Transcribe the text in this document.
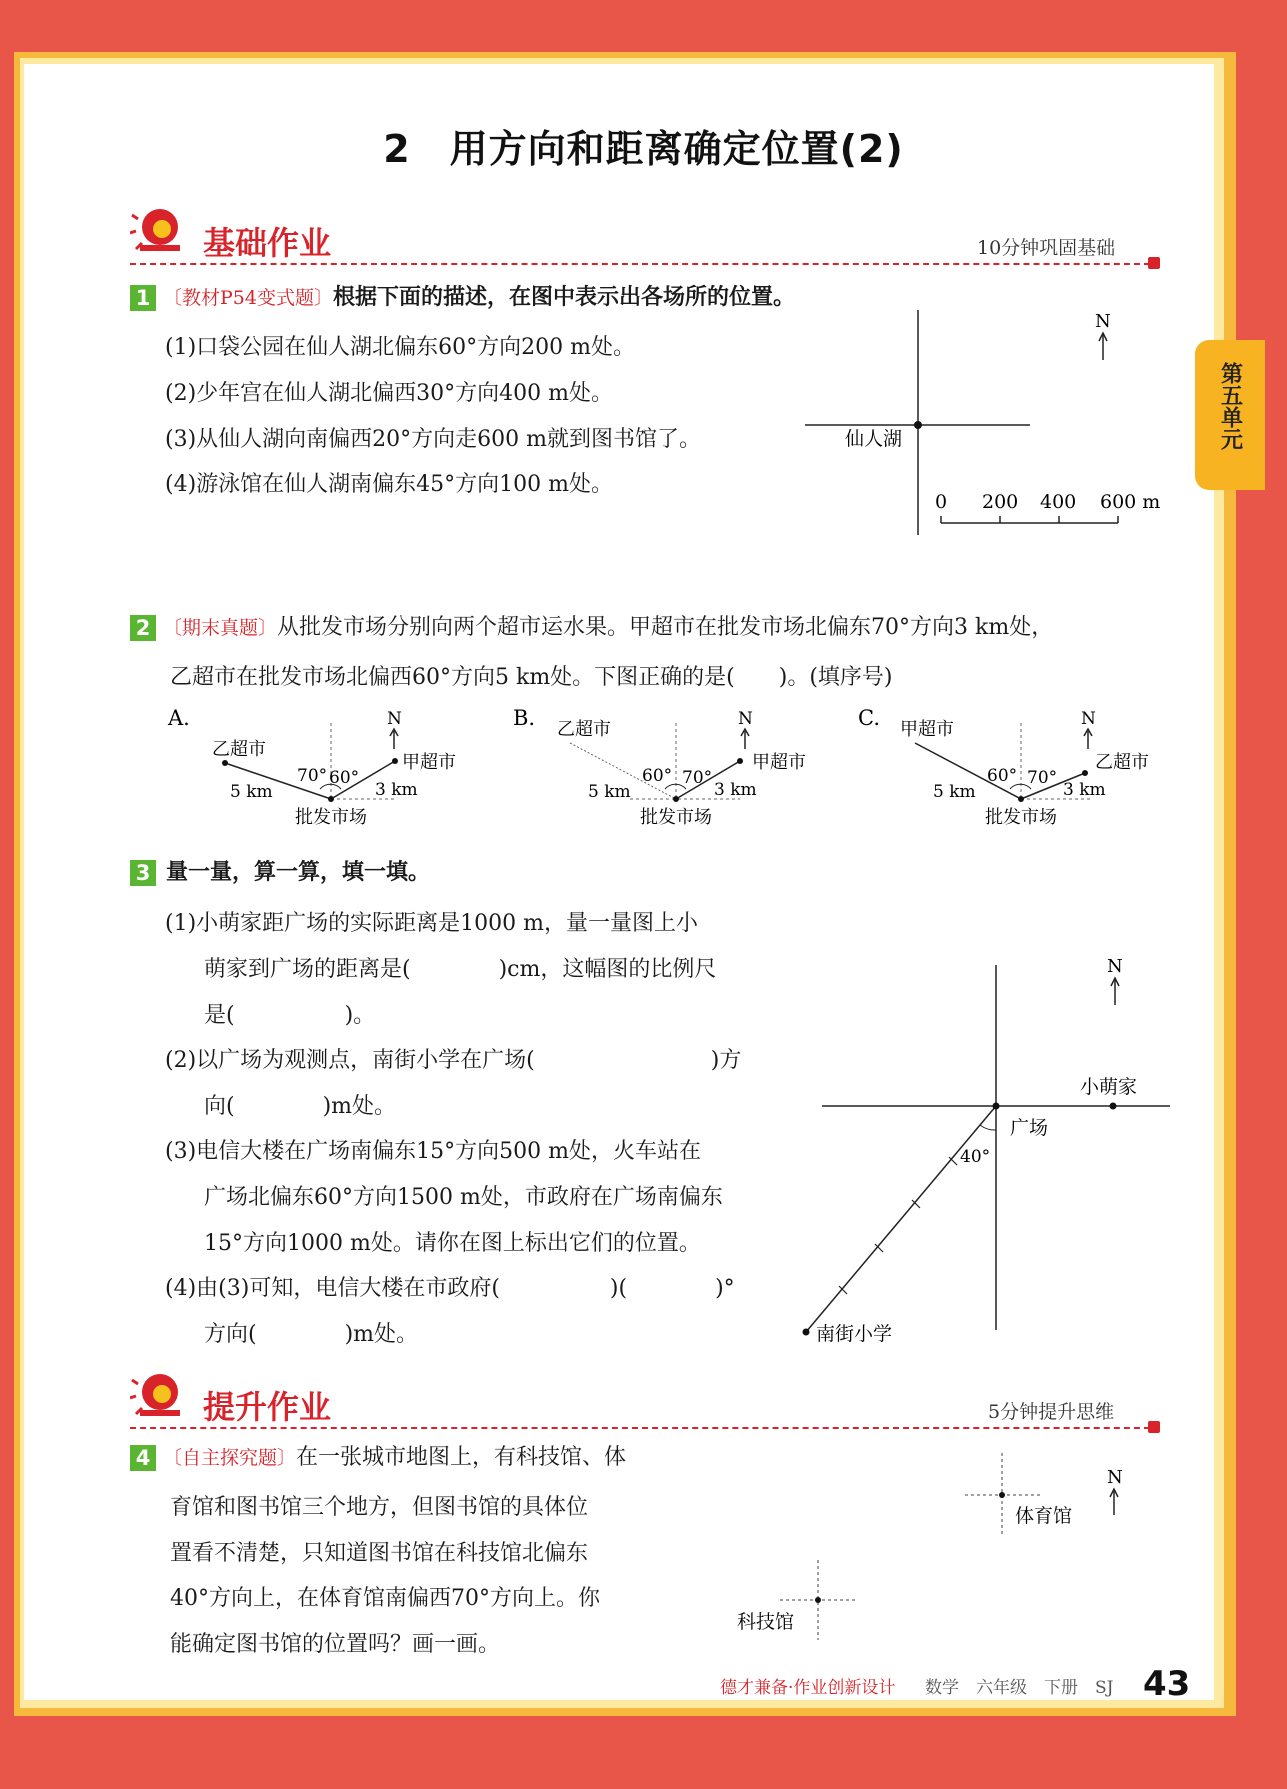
2　用方向和距离确定位置(2)
第五单元
基础作业	10分钟巩固基础
1 〔教材P54变式题〕根据下面的描述，在图中表示出各场所的位置。
(1)口袋公园在仙人湖北偏东60°方向200 m处。
(2)少年宫在仙人湖北偏西30°方向400 m处。
(3)从仙人湖向南偏西20°方向走600 m就到图书馆了。
(4)游泳馆在仙人湖南偏东45°方向100 m处。
仙人湖
N
0 200 400 600 m
2 〔期末真题〕从批发市场分别向两个超市运水果。甲超市在批发市场北偏东70°方向3 km处，
乙超市在批发市场北偏西60°方向5 km处。下图正确的是(　　)。(填序号)
A.
乙超市
甲超市
70° 60°
5 km	3 km
批发市场
N	B. 乙超市
甲超市
60° 70°
5 km	3 km
批发市场
N	C. 甲超市
乙超市
60° 70°
5 km	3 km
批发市场
N
3 量一量，算一算，填一填。
(1)小萌家距广场的实际距离是1000 m，量一量图上小
萌家到广场的距离是(　　　　)cm，这幅图的比例尺
是(　　　　　)。
(2)以广场为观测点，南街小学在广场(　　　　　　　　)方
向(　　　　)m处。
(3)电信大楼在广场南偏东15°方向500 m处，火车站在
广场北偏东60°方向1500 m处，市政府在广场南偏东
15°方向1000 m处。请你在图上标出它们的位置。
(4)由(3)可知，电信大楼在市政府(　　　　　)(　　　　)°
方向(　　　　)m处。
N
小萌家
广场
40°
南街小学
提升作业	5分钟提升思维
4 〔自主探究题〕在一张城市地图上，有科技馆、体
育馆和图书馆三个地方，但图书馆的具体位
置看不清楚，只知道图书馆在科技馆北偏东
40°方向上，在体育馆南偏西70°方向上。你
能确定图书馆的位置吗？画一画。
体育馆
N
科技馆
德才兼备·作业创新设计 数学　六年级　下册　SJ 43
